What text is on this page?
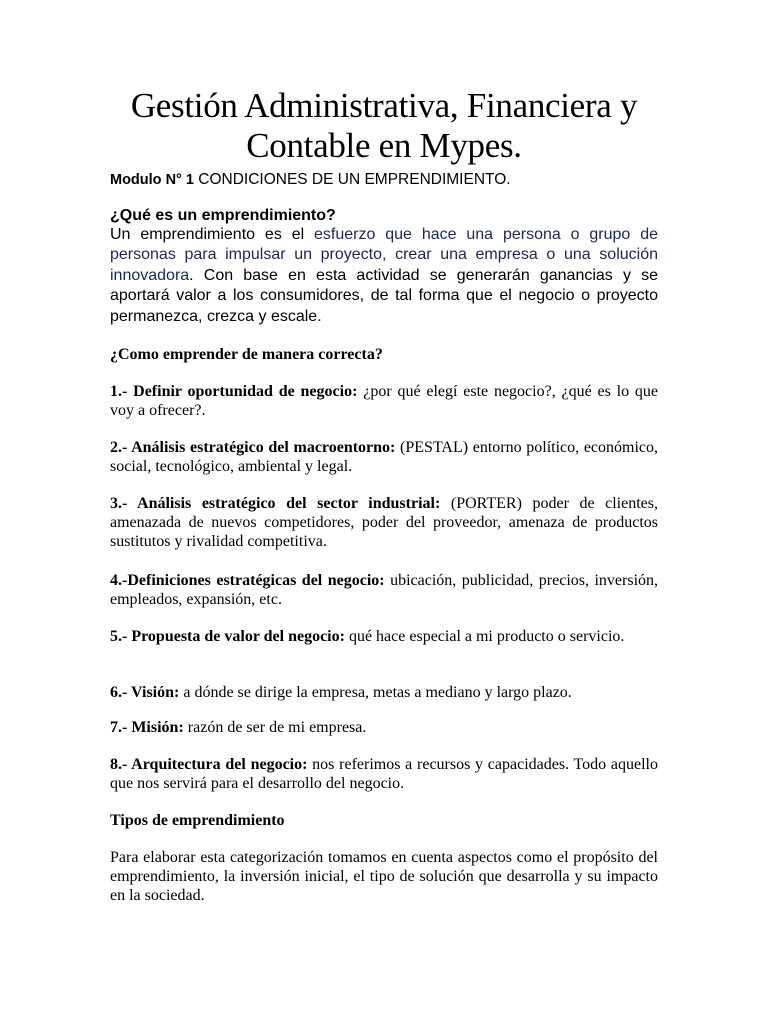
Gestión Administrativa, Financiera y Contable en Mypes.
Modulo N° 1 CONDICIONES DE UN EMPRENDIMIENTO.
¿Qué es un emprendimiento?

Un emprendimiento es el esfuerzo que hace una persona o grupo de personas para impulsar un proyecto, crear una empresa o una solución innovadora. Con base en esta actividad se generarán ganancias y se aportará valor a los consumidores, de tal forma que el negocio o proyecto permanezca, crezca y escale.

¿Como emprender de manera correcta?

1.- Definir oportunidad de negocio: ¿por qué elegí este negocio?, ¿qué es lo que voy a ofrecer?.

2.- Análisis estratégico del macroentorno: (PESTAL) entorno político, económico, social, tecnológico, ambiental y legal.

3.- Análisis estratégico del sector industrial: (PORTER) poder de clientes, amenazada de nuevos competidores, poder del proveedor, amenaza de productos sustitutos y rivalidad competitiva.

4.-Definiciones estratégicas del negocio: ubicación, publicidad, precios, inversión, empleados, expansión, etc.

5.- Propuesta de valor del negocio: qué hace especial a mi producto o servicio.

6.- Visión: a dónde se dirige la empresa, metas a mediano y largo plazo.

7.- Misión: razón de ser de mi empresa.

8.- Arquitectura del negocio: nos referimos a recursos y capacidades. Todo aquello que nos servirá para el desarrollo del negocio.

Tipos de emprendimiento

Para elaborar esta categorización tomamos en cuenta aspectos como el propósito del emprendimiento, la inversión inicial, el tipo de solución que desarrolla y su impacto en la sociedad.
